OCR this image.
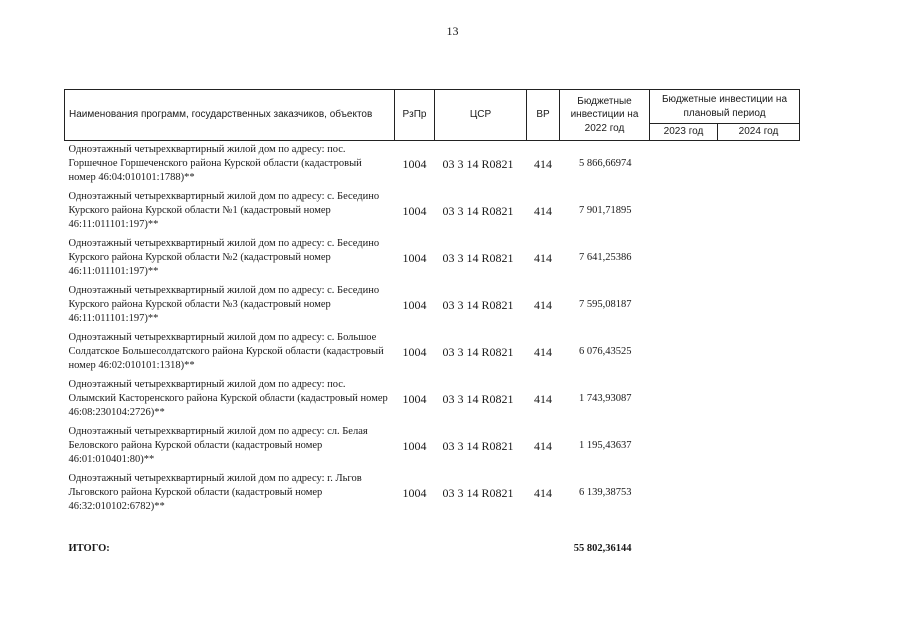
13
Наименования программ, государственных заказчиков, объектов	РзПр	ЦСР	ВР	Бюджетные инвестиции на 2022 год	Бюджетные инвестиции на плановый период	
					2023 год	2024 год
Одноэтажный четырехквартирный жилой дом по адресу: пос. Горшечное Горшеченского района Курской области (кадастровый номер 46:04:010101:1788)**	1004	03 3 14 R0821	414	5 866,66974		
Одноэтажный четырехквартирный жилой дом по адресу: с. Беседино Курского района Курской области №1 (кадастровый номер 46:11:011101:197)**	1004	03 3 14 R0821	414	7 901,71895		
Одноэтажный четырехквартирный жилой дом по адресу: с. Беседино Курского района Курской области №2 (кадастровый номер 46:11:011101:197)**	1004	03 3 14 R0821	414	7 641,25386		
Одноэтажный четырехквартирный жилой дом по адресу: с. Беседино Курского района Курской области №3 (кадастровый номер 46:11:011101:197)**	1004	03 3 14 R0821	414	7 595,08187		
Одноэтажный четырехквартирный жилой дом по адресу: с. Большое Солдатское Большесолдатского района Курской области (кадастровый номер 46:02:010101:1318)**	1004	03 3 14 R0821	414	6 076,43525		
Одноэтажный четырехквартирный жилой дом по адресу: пос. Олымский Касторенского района Курской области (кадастровый номер 46:08:230104:2726)**	1004	03 3 14 R0821	414	1 743,93087		
Одноэтажный четырехквартирный жилой дом по адресу: сл. Белая Беловского района Курской области (кадастровый номер 46:01:010401:80)**	1004	03 3 14 R0821	414	1 195,43637		
Одноэтажный четырехквартирный жилой дом по адресу: г. Льгов Льговского района Курской области (кадастровый номер 46:32:010102:6782)**	1004	03 3 14 R0821	414	6 139,38753		
ИТОГО:				55 802,36144		
